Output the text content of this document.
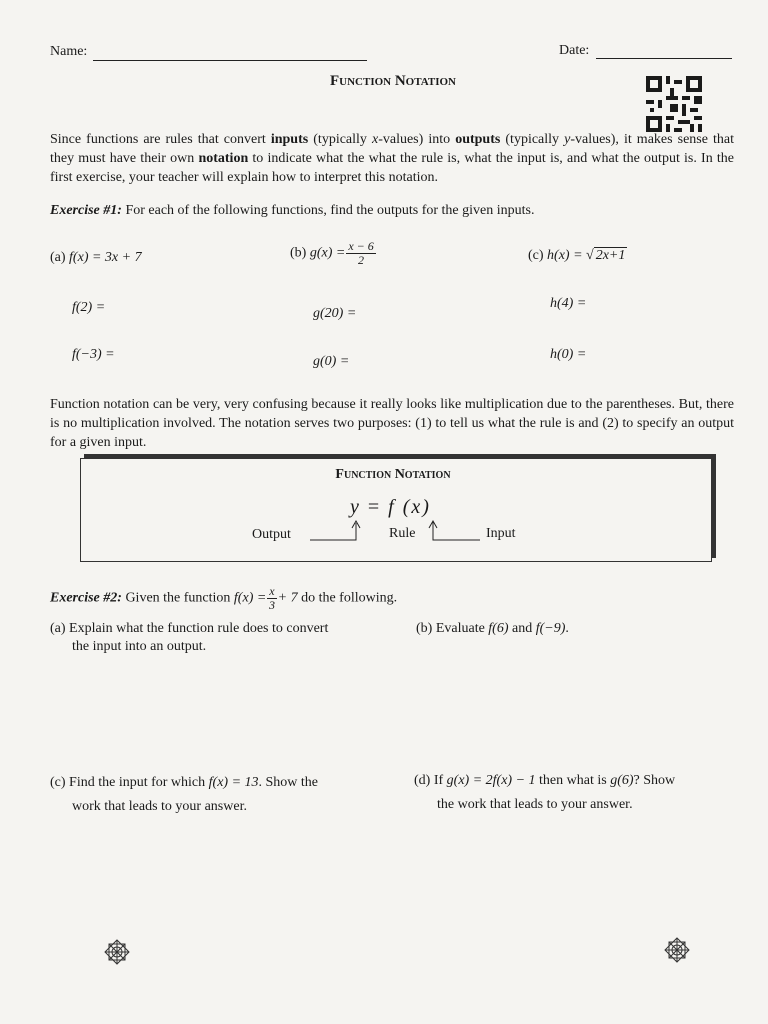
Name:	Date:
Function Notation

Since functions are rules that convert inputs (typically x-values) into outputs (typically y-values), it makes sense that they must have their own notation to indicate what the what the rule is, what the input is, and what the output is. In the first exercise, your teacher will explain how to interpret this notation.

Exercise #1: For each of the following functions, find the outputs for the given inputs.
(a) f(x) = 3x + 7
f(2) =
f(−3) =
(b) $g(x) = \frac{x - 6}{2}$
g(20) =
g(0) =
(c) h(x) = √ 2x+1
h(4) =
h(0) =

Function notation can be very, very confusing because it really looks like multiplication due to the parentheses. But, there is no multiplication involved. The notation serves two purposes: (1) to tell us what the rule is and (2) to specify an output for a given input.

Function Notation
y = f (x)
Output	Rule	Input
Exercise #2: Given the function $f(x) = \frac{x}{3} + 7$ do the following.
(a) Explain what the function rule does to convert
the input into an output.
(b) Evaluate f(6) and f(−9).
(c) Find the input for which f(x) = 13. Show the
work that leads to your answer.
(d) If g(x) = 2f(x) − 1 then what is g(6)? Show
the work that leads to your answer.
